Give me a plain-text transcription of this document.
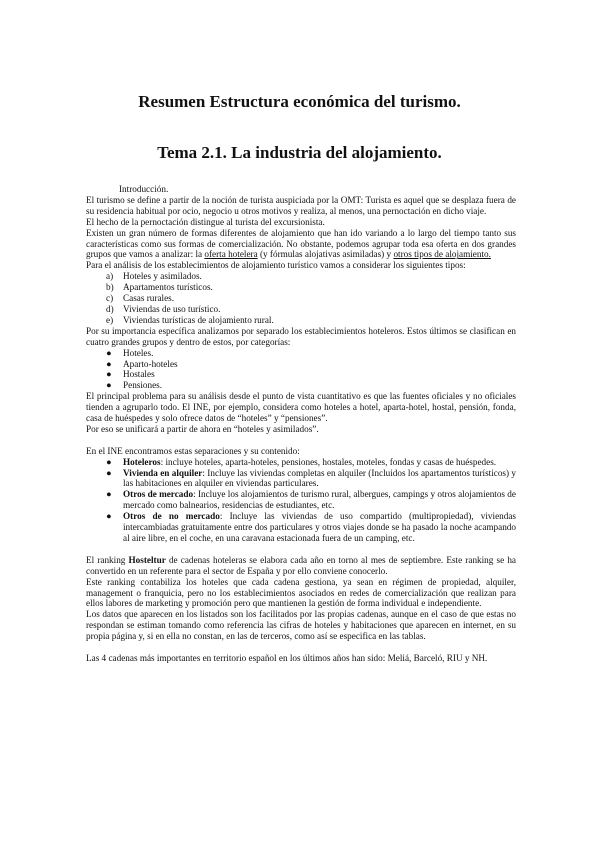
Resumen Estructura económica del turismo.
Tema 2.1. La industria del alojamiento.

Introducción.

El turismo se define a partir de la noción de turista auspiciada por la OMT: Turista es aquel que se desplaza fuera de su residencia habitual por ocio, negocio u otros motivos y realiza, al menos, una pernoctación en dicho viaje.

El hecho de la pernoctación distingue al turista del excursionista.

Existen un gran número de formas diferentes de alojamiento que han ido variando a lo largo del tiempo tanto sus características como sus formas de comercialización. No obstante, podemos agrupar toda esa oferta en dos grandes grupos que vamos a analizar: la oferta hotelera (y fórmulas alojativas asimiladas) y otros tipos de alojamiento.

Para el análisis de los establecimientos de alojamiento turístico vamos a considerar los siguientes tipos:

a) Hoteles y asimilados.
b) Apartamentos turísticos.
c) Casas rurales.
d) Viviendas de uso turístico.
e) Viviendas turísticas de alojamiento rural.

Por su importancia específica analizamos por separado los establecimientos hoteleros. Estos últimos se clasifican en cuatro grandes grupos y dentro de estos, por categorías:

● Hoteles.
● Aparto-hoteles
● Hostales
● Pensiones.

El principal problema para su análisis desde el punto de vista cuantitativo es que las fuentes oficiales y no oficiales tienden a agruparlo todo. El INE, por ejemplo, considera como hoteles a hotel, aparta-hotel, hostal, pensión, fonda, casa de huéspedes y solo ofrece datos de “hoteles” y “pensiones”.

Por eso se unificará a partir de ahora en “hoteles y asimilados”.

En el INE encontramos estas separaciones y su contenido:

● Hoteleros: incluye hoteles, aparta-hoteles, pensiones, hostales, moteles, fondas y casas de huéspedes.
● Vivienda en alquiler: Incluye las viviendas completas en alquiler (Incluidos los apartamentos turísticos) y las habitaciones en alquiler en viviendas particulares.
● Otros de mercado: Incluye los alojamientos de turismo rural, albergues, campings y otros alojamientos de mercado como balnearios, residencias de estudiantes, etc.
● Otros de no mercado: Incluye las viviendas de uso compartido (multipropiedad), viviendas intercambiadas gratuitamente entre dos particulares y otros viajes donde se ha pasado la noche acampando al aire libre, en el coche, en una caravana estacionada fuera de un camping, etc.

El ranking Hosteltur de cadenas hoteleras se elabora cada año en torno al mes de septiembre. Este ranking se ha convertido en un referente para el sector de España y por ello conviene conocerlo.

Este ranking contabiliza los hoteles que cada cadena gestiona, ya sean en régimen de propiedad, alquiler, management o franquicia, pero no los establecimientos asociados en redes de comercialización que realizan para ellos labores de marketing y promoción pero que mantienen la gestión de forma individual e independiente.

Los datos que aparecen en los listados son los facilitados por las propias cadenas, aunque en el caso de que estas no respondan se estiman tomando como referencia las cifras de hoteles y habitaciones que aparecen en internet, en su propia página y, si en ella no constan, en las de terceros, como así se especifica en las tablas.

Las 4 cadenas más importantes en territorio español en los últimos años han sido: Meliá, Barceló, RIU y NH.
